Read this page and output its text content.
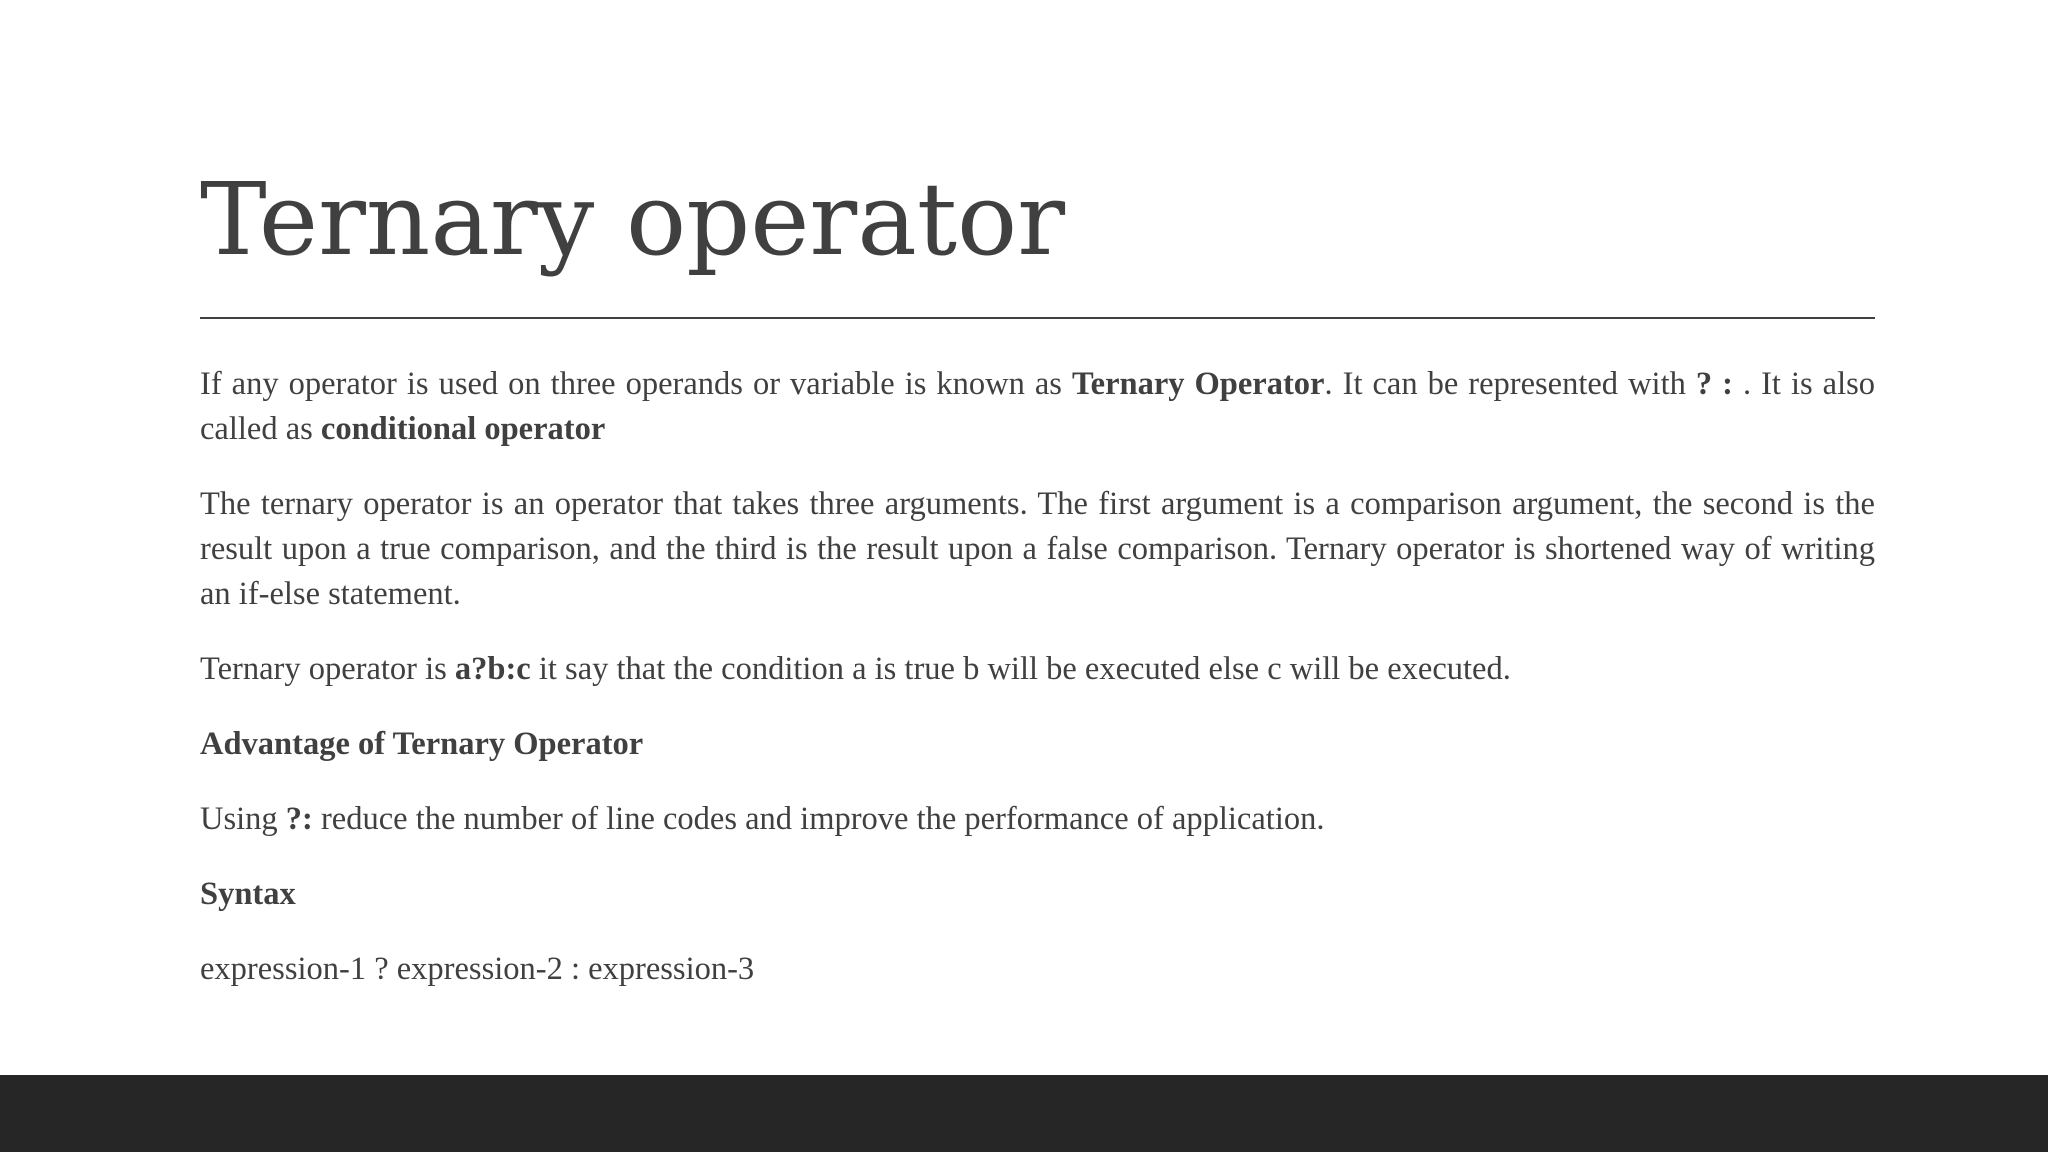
Ternary operator

If any operator is used on three operands or variable is known as Ternary Operator. It can be represented with ? : . It is also called as conditional operator

The ternary operator is an operator that takes three arguments. The first argument is a comparison argument, the second is the result upon a true comparison, and the third is the result upon a false comparison. Ternary operator is shortened way of writing an if-else statement.

Ternary operator is a?b:c it say that the condition a is true b will be executed else c will be executed.

Advantage of Ternary Operator

Using ?: reduce the number of line codes and improve the performance of application.

Syntax

expression-1 ? expression-2 : expression-3
